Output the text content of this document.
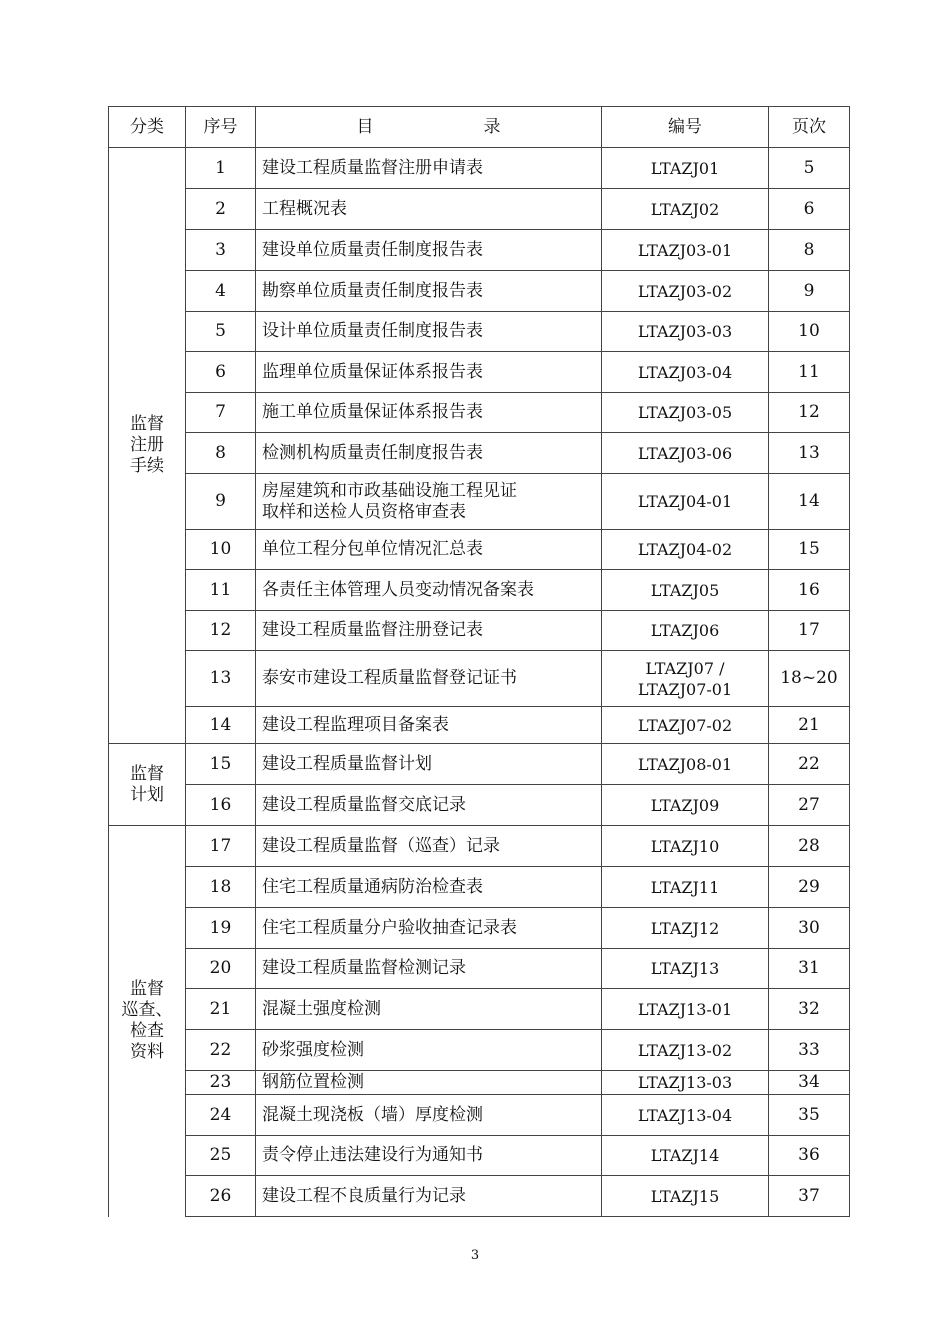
分类	序号	目 录	编号	页次

监督
注册
手续	1	建设工程质量监督注册申请表	LTAZJ01	5
	2	工程概况表	LTAZJ02	6
	3	建设单位质量责任制度报告表	LTAZJ03-01	8
	4	勘察单位质量责任制度报告表	LTAZJ03-02	9
	5	设计单位质量责任制度报告表	LTAZJ03-03	10
	6	监理单位质量保证体系报告表	LTAZJ03-04	11
	7	施工单位质量保证体系报告表	LTAZJ03-05	12
	8	检测机构质量责任制度报告表	LTAZJ03-06	13
	9	房屋建筑和市政基础设施工程见证
取样和送检人员资格审查表	LTAZJ04-01	14
	10	单位工程分包单位情况汇总表	LTAZJ04-02	15
	11	各责任主体管理人员变动情况备案表	LTAZJ05	16
	12	建设工程质量监督注册登记表	LTAZJ06	17
	13	泰安市建设工程质量监督登记证书	LTAZJ07 /
LTAZJ07-01	18~20
	14	建设工程监理项目备案表	LTAZJ07-02	21

监督
计划	15	建设工程质量监督计划	LTAZJ08-01	22
	16	建设工程质量监督交底记录	LTAZJ09	27

监督
巡查、
检查
资料	17	建设工程质量监督（巡查）记录	LTAZJ10	28
	18	住宅工程质量通病防治检查表	LTAZJ11	29
	19	住宅工程质量分户验收抽查记录表	LTAZJ12	30
	20	建设工程质量监督检测记录	LTAZJ13	31
	21	混凝土强度检测	LTAZJ13-01	32
	22	砂浆强度检测	LTAZJ13-02	33
	23	钢筋位置检测	LTAZJ13-03	34
	24	混凝土现浇板（墙）厚度检测	LTAZJ13-04	35
	25	责令停止违法建设行为通知书	LTAZJ14	36
	26	建设工程不良质量行为记录	LTAZJ15	37
3
